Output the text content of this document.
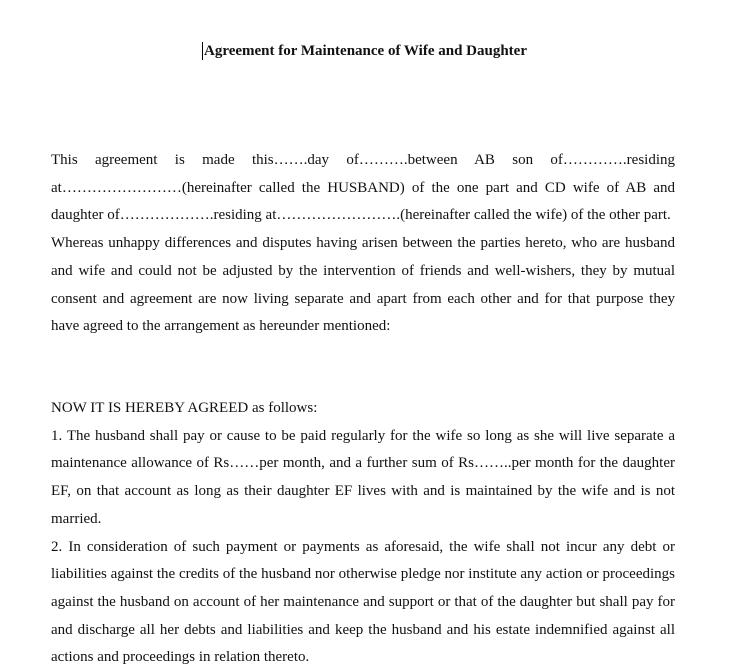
Agreement for Maintenance of Wife and Daughter

This agreement is made this…….day of……….between AB son of………….residing at……………………(hereinafter called the HUSBAND) of the one part and CD wife of AB and daughter of……………….residing at…………………….(hereinafter called the wife) of the other part.

Whereas unhappy differences and disputes having arisen between the parties hereto, who are husband and wife and could not be adjusted by the intervention of friends and well-wishers, they by mutual consent and agreement are now living separate and apart from each other and for that purpose they have agreed to the arrangement as hereunder mentioned:

NOW IT IS HEREBY AGREED as follows:

1. The husband shall pay or cause to be paid regularly for the wife so long as she will live separate a maintenance allowance of Rs……per month, and a further sum of Rs……..per month for the daughter EF, on that account as long as their daughter EF lives with and is maintained by the wife and is not married.

2. In consideration of such payment or payments as aforesaid, the wife shall not incur any debt or liabilities against the credits of the husband nor otherwise pledge nor institute any action or proceedings against the husband on account of her maintenance and support or that of the daughter but shall pay for and discharge all her debts and liabilities and keep the husband and his estate indemnified against all actions and proceedings in relation thereto.
